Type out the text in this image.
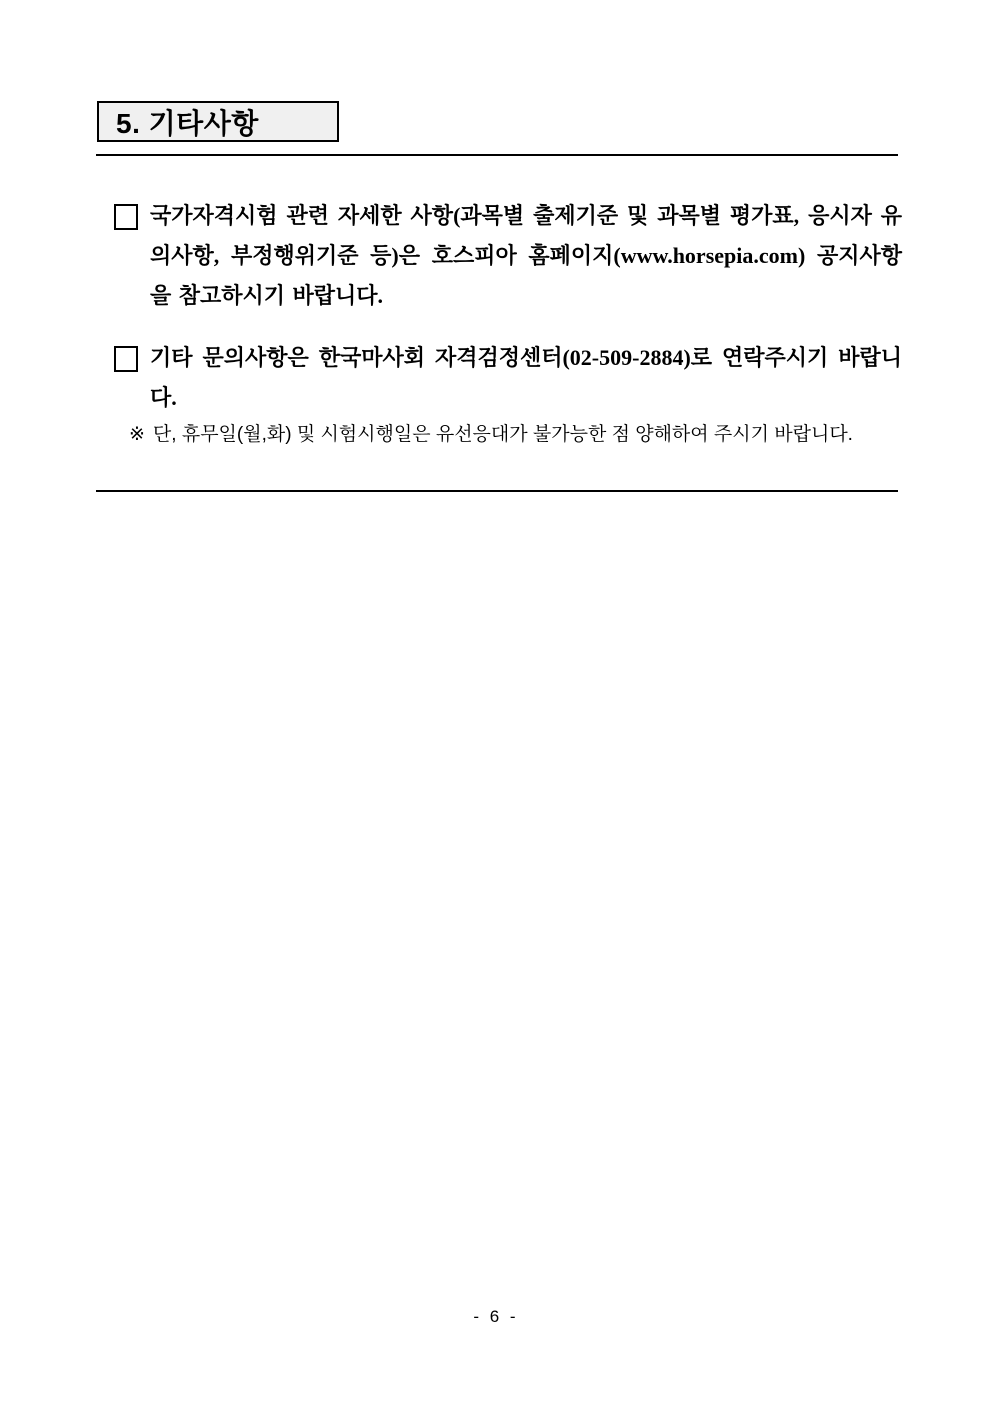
5. 기타사항
국가자격시험 관련 자세한 사항(과목별 출제기준 및 과목별 평가표, 응시자 유의사항, 부정행위기준 등)은 호스피아 홈페이지(www.horsepia.com) 공지사항을 참고하시기 바랍니다.
기타 문의사항은 한국마사회 자격검정센터(02-509-2884)로 연락주시기 바랍니다.
※ 단, 휴무일(월,화) 및 시험시행일은 유선응대가 불가능한 점 양해하여 주시기 바랍니다.
- 6 -
